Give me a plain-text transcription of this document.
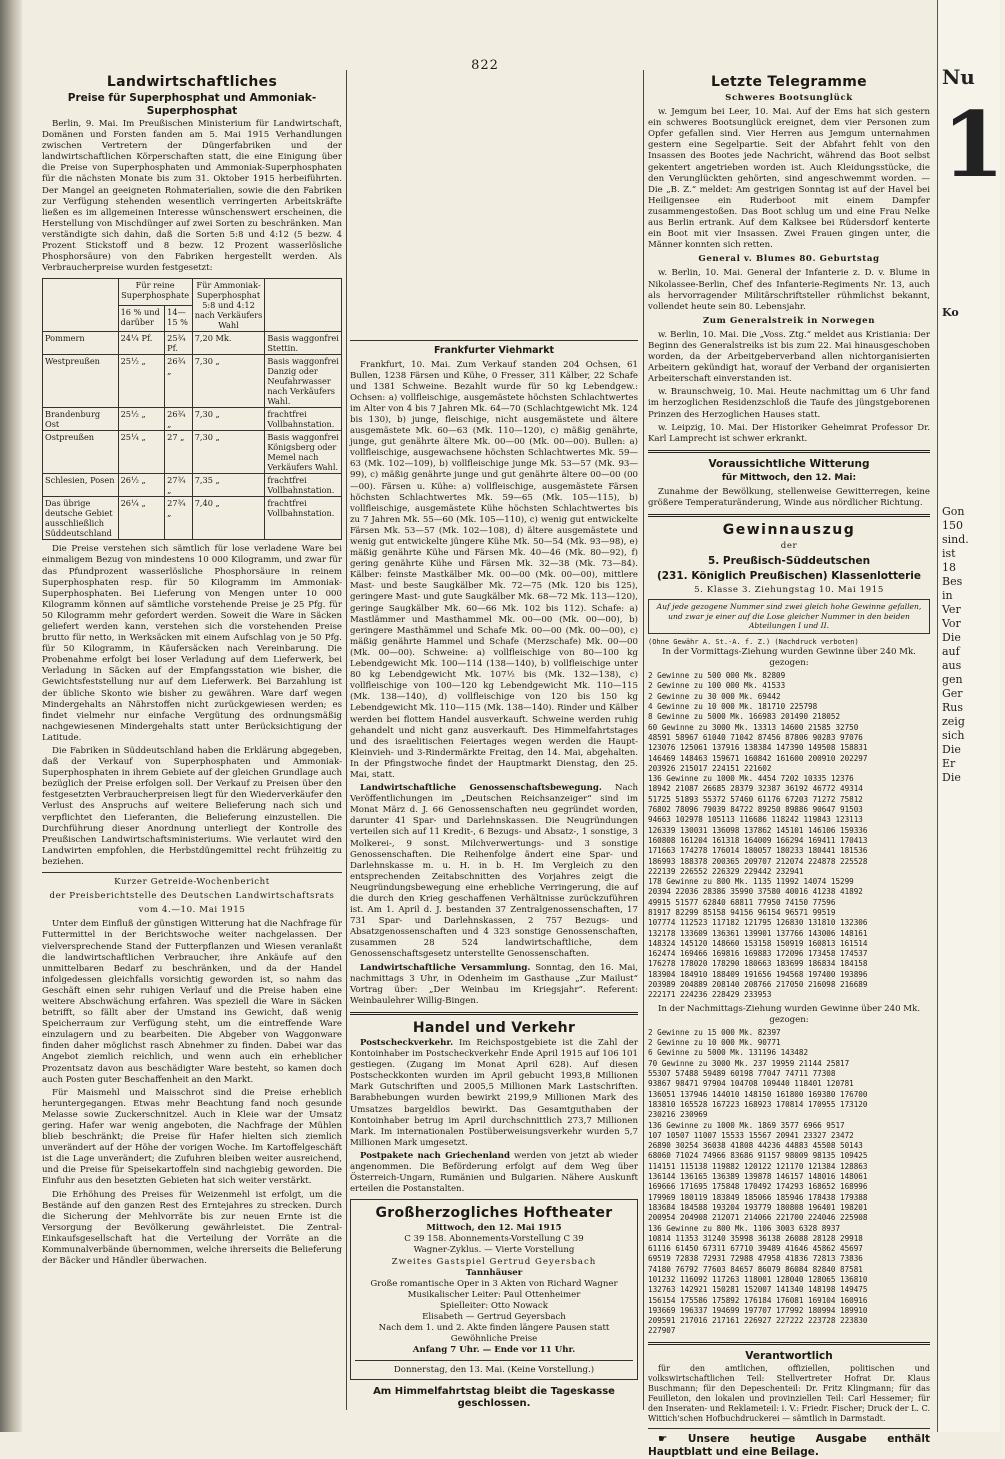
Nu
1
Ko
Gon
150
sind.
ist
18
Bes
in
Ver
Vor
Die
auf
aus
gen
Ger
Rus
zeig
sich
Die
Er
Die
822
Landwirtschaftliches
Preise für Superphosphat und Ammoniak-Superphosphat

Berlin, 9. Mai. Im Preußischen Ministerium für Landwirtschaft, Domänen und Forsten fanden am 5. Mai 1915 Verhandlungen zwischen Vertretern der Düngerfabriken und der landwirtschaftlichen Körperschaften statt, die eine Einigung über die Preise von Superphosphaten und Ammoniak-Superphosphaten für die nächsten Monate bis zum 31. Oktober 1915 herbeiführten. Der Mangel an geeigneten Rohmaterialien, sowie die den Fabriken zur Verfügung stehenden wesentlich verringerten Arbeitskräfte ließen es im allgemeinen Interesse wünschenswert erscheinen, die Herstellung von Mischdünger auf zwei Sorten zu beschränken. Man verständigte sich dahin, daß die Sorten 5:8 und 4:12 (5 bezw. 4 Prozent Stickstoff und 8 bezw. 12 Prozent wasserlösliche Phosphorsäure) von den Fabriken hergestellt werden. Als Verbraucherpreise wurden festgesetzt:

	Für reine Superphosphate		Für Ammoniak-Superphosphat 5:8 und 4:12 nach Verkäufers Wahl	
	16 % und darüber	14—15 %		
Pommern	24¼ Pf.	25¾ Pf.	7,20 Mk.	Basis waggonfrei Stettin.
Westpreußen	25½ „	26¾ „	7,30 „	Basis waggonfrei Danzig oder Neufahrwasser nach Verkäufers Wahl.
Brandenburg Ost	25½ „	26¾ „	7,30 „	frachtfrei Vollbahnstation.
Ostpreußen	25¼ „	27 „	7,30 „	Basis waggonfrei Königsberg oder Memel nach Verkäufers Wahl.
Schlesien, Posen	26½ „	27¾ „	7,35 „	frachtfrei Vollbahnstation.
Das übrige deutsche Gebiet ausschließlich Süddeutschland	26¼ „	27¾ „	7,40 „	frachtfrei Vollbahnstation.

Die Preise verstehen sich sämtlich für lose verladene Ware bei einmaligem Bezug von mindestens 10 000 Kilogramm, und zwar für das Pfundprozent wasserlösliche Phosphorsäure in reinem Superphosphaten resp. für 50 Kilogramm im Ammoniak-Superphosphaten. Bei Lieferung von Mengen unter 10 000 Kilogramm können auf sämtliche vorstehende Preise je 25 Pfg. für 50 Kilogramm mehr gefordert werden. Soweit die Ware in Säcken geliefert werden kann, verstehen sich die vorstehenden Preise brutto für netto, in Werksäcken mit einem Aufschlag von je 50 Pfg. für 50 Kilogramm, in Käufersäcken nach Vereinbarung. Die Probenahme erfolgt bei loser Verladung auf dem Lieferwerk, bei Verladung in Säcken auf der Empfangsstation wie bisher, die Gewichtsfeststellung nur auf dem Lieferwerk. Bei Barzahlung ist der übliche Skonto wie bisher zu gewähren. Ware darf wegen Mindergehalts an Nährstoffen nicht zurückgewiesen werden; es findet vielmehr nur einfache Vergütung des ordnungsmäßig nachgewiesenen Mindergehalts statt unter Berücksichtigung der Latitude.

Die Fabriken in Süddeutschland haben die Erklärung abgegeben, daß der Verkauf von Superphosphaten und Ammoniak-Superphosphaten in ihrem Gebiete auf der gleichen Grundlage auch bezüglich der Preise erfolgen soll. Der Verkauf zu Preisen über den festgesetzten Verbraucherpreisen liegt für den Wiederverkäufer den Verlust des Anspruchs auf weitere Belieferung nach sich und verpflichtet den Lieferanten, die Belieferung einzustellen. Die Durchführung dieser Anordnung unterliegt der Kontrolle des Preußischen Landwirtschaftsministeriums. Wie verlautet wird den Landwirten empfohlen, die Herbstdüngemittel recht frühzeitig zu beziehen.

Kurzer Getreide-Wochenbericht
der Preisberichtstelle des Deutschen Landwirtschaftsrats
vom 4.—10. Mai 1915

Unter dem Einfluß der günstigen Witterung hat die Nachfrage für Futtermittel in der Berichtswoche weiter nachgelassen. Der vielversprechende Stand der Futterpflanzen und Wiesen veranlaßt die landwirtschaftlichen Verbraucher, ihre Ankäufe auf den unmittelbaren Bedarf zu beschränken, und da der Handel infolgedessen gleichfalls vorsichtig geworden ist, so nahm das Geschäft einen sehr ruhigen Verlauf und die Preise haben eine weitere Abschwächung erfahren. Was speziell die Ware in Säcken betrifft, so fällt aber der Umstand ins Gewicht, daß wenig Speicherraum zur Verfügung steht, um die eintreffende Ware einzulagern und zu bearbeiten. Die Abgeber von Waggonware finden daher möglichst rasch Abnehmer zu finden. Dabei war das Angebot ziemlich reichlich, und wenn auch ein erheblicher Prozentsatz davon aus beschädigter Ware besteht, so kamen doch auch Posten guter Beschaffenheit an den Markt.

Für Maismehl und Maisschrot sind die Preise erheblich heruntergegangen. Etwas mehr Beachtung fand noch gesunde Melasse sowie Zuckerschnitzel. Auch in Kleie war der Umsatz gering. Hafer war wenig angeboten, die Nachfrage der Mühlen blieb beschränkt; die Preise für Hafer hielten sich ziemlich unverändert auf der Höhe der vorigen Woche. Im Kartoffelgeschäft ist die Lage unverändert; die Zufuhren bleiben weiter ausreichend, und die Preise für Speisekartoffeln sind nachgiebig geworden. Die Einfuhr aus den besetzten Gebieten hat sich weiter verstärkt.

Die Erhöhung des Preises für Weizenmehl ist erfolgt, um die Bestände auf den ganzen Rest des Erntejahres zu strecken. Durch die Sicherung der Mehlvorräte bis zur neuen Ernte ist die Versorgung der Bevölkerung gewährleistet. Die Zentral-Einkaufsgesellschaft hat die Verteilung der Vorräte an die Kommunalverbände übernommen, welche ihrerseits die Belieferung der Bäcker und Händler überwachen.

Frankfurter Viehmarkt

Frankfurt, 10. Mai. Zum Verkauf standen 204 Ochsen, 61 Bullen, 1238 Färsen und Kühe, 0 Fresser, 311 Kälber, 22 Schafe und 1381 Schweine. Bezahlt wurde für 50 kg Lebendgew.: Ochsen: a) vollfleischige, ausgemästete höchsten Schlachtwertes im Alter von 4 bis 7 Jahren Mk. 64—70 (Schlachtgewicht Mk. 124 bis 130), b) junge, fleischige, nicht ausgemästete und ältere ausgemästete Mk. 60—63 (Mk. 110—120), c) mäßig genährte, junge, gut genährte ältere Mk. 00—00 (Mk. 00—00). Bullen: a) vollfleischige, ausgewachsene höchsten Schlachtwertes Mk. 59—63 (Mk. 102—109), b) vollfleischige junge Mk. 53—57 (Mk. 93—99), c) mäßig genährte junge und gut genährte ältere 00—00 (00—00). Färsen u. Kühe: a) vollfleischige, ausgemästete Färsen höchsten Schlachtwertes Mk. 59—65 (Mk. 105—115), b) vollfleischige, ausgemästete Kühe höchsten Schlachtwertes bis zu 7 Jahren Mk. 55—60 (Mk. 105—110), c) wenig gut entwickelte Färsen Mk. 53—57 (Mk. 102—108), d) ältere ausgemästete und wenig gut entwickelte jüngere Kühe Mk. 50—54 (Mk. 93—98), e) mäßig genährte Kühe und Färsen Mk. 40—46 (Mk. 80—92), f) gering genährte Kühe und Färsen Mk. 32—38 (Mk. 73—84). Kälber: feinste Mastkälber Mk. 00—00 (Mk. 00—00), mittlere Mast- und beste Saugkälber Mk. 72—75 (Mk. 120 bis 125), geringere Mast- und gute Saugkälber Mk. 68—72 Mk. 113—120), geringe Saugkälber Mk. 60—66 Mk. 102 bis 112). Schafe: a) Mastlämmer und Masthammel Mk. 00—00 (Mk. 00—00), b) geringere Masthämmel und Schafe Mk. 00—00 (Mk. 00—00), c) mäßig genährte Hammel und Schafe (Merzschafe) Mk. 00—00 (Mk. 00—00). Schweine: a) vollfleischige von 80—100 kg Lebendgewicht Mk. 100—114 (138—140), b) vollfleischige unter 80 kg Lebendgewicht Mk. 107½ bis (Mk. 132—138), c) vollfleischige von 100—120 kg Lebendgewicht Mk. 110—115 (Mk. 138—140), d) vollfleischige von 120 bis 150 kg Lebendgewicht Mk. 110—115 (Mk. 138—140). Rinder und Kälber werden bei flottem Handel ausverkauft. Schweine werden ruhig gehandelt und nicht ganz ausverkauft. Des Himmelfahrtstages und des israelitischen Feiertages wegen werden die Haupt-Kleinvieh- und 3-Rindermärkte Freitag, den 14. Mai, abgehalten. In der Pfingstwoche findet der Hauptmarkt Dienstag, den 25. Mai, statt.

Landwirtschaftliche Genossenschaftsbewegung. Nach Veröffentlichungen im „Deutschen Reichsanzeiger“ sind im Monat März d. J. 66 Genossenschaften neu gegründet worden, darunter 41 Spar- und Darlehnskassen. Die Neugründungen verteilen sich auf 11 Kredit-, 6 Bezugs- und Absatz-, 1 sonstige, 3 Molkerei-, 9 sonst. Milchverwertungs- und 3 sonstige Genossenschaften. Die Reihenfolge ändert eine Spar- und Darlehnskasse m. u. H. in b. H. Im Vergleich zu den entsprechenden Zeitabschnitten des Vorjahres zeigt die Neugründungsbewegung eine erhebliche Verringerung, die auf die durch den Krieg geschaffenen Verhältnisse zurückzuführen ist. Am 1. April d. J. bestanden 37 Zentralgenossenschaften, 17 731 Spar- und Darlehnskassen, 2 757 Bezugs- und Absatzgenossenschaften und 4 323 sonstige Genossenschaften, zusammen 28 524 landwirtschaftliche, dem Genossenschaftsgesetz unterstellte Genossenschaften.

Landwirtschaftliche Versammlung. Sonntag, den 16. Mai, nachmittags 3 Uhr, in Odenheim im Gasthause „Zur Mailust“ Vortrag über: „Der Weinbau im Kriegsjahr“. Referent: Weinbaulehrer Willig-Bingen.

Handel und Verkehr

Postscheckverkehr. Im Reichspostgebiete ist die Zahl der Kontoinhaber im Postscheckverkehr Ende April 1915 auf 106 101 gestiegen. (Zugang im Monat April 628). Auf diesen Postscheckkonten wurden im April gebucht 1993,8 Millionen Mark Gutschriften und 2005,5 Millionen Mark Lastschriften. Barabhebungen wurden bewirkt 2199,9 Millionen Mark des Umsatzes bargeldlos bewirkt. Das Gesamtguthaben der Kontoinhaber betrug im April durchschnittlich 273,7 Millionen Mark. Im internationalen Postüberweisungsverkehr wurden 5,7 Millionen Mark umgesetzt.

Postpakete nach Griechenland werden von jetzt ab wieder angenommen. Die Beförderung erfolgt auf dem Weg über Österreich-Ungarn, Rumänien und Bulgarien. Nähere Auskunft erteilen die Postanstalten.

Großherzogliches Hoftheater

Mittwoch, den 12. Mai 1915

C 39 158. Abonnements-Vorstellung C 39

Wagner-Zyklus. — Vierte Vorstellung

Zweites Gastspiel Gertrud Geyersbach

Tannhäuser

Große romantische Oper in 3 Akten von Richard Wagner

Musikalischer Leiter: Paul Ottenheimer

Spielleiter: Otto Nowack

Elisabeth — Gertrud Geyersbach

Nach dem 1. und 2. Akte finden längere Pausen statt

Gewöhnliche Preise

Anfang 7 Uhr. — Ende vor 11 Uhr.

Donnerstag, den 13. Mai. (Keine Vorstellung.)

Am Himmelfahrtstag bleibt die Tageskasse geschlossen.
Letzte Telegramme
Schweres Bootsunglück

w. Jemgum bei Leer, 10. Mai. Auf der Ems hat sich gestern ein schweres Bootsunglück ereignet, dem vier Personen zum Opfer gefallen sind. Vier Herren aus Jemgum unternahmen gestern eine Segelpartie. Seit der Abfahrt fehlt von den Insassen des Bootes jede Nachricht, während das Boot selbst gekentert angetrieben worden ist. Auch Kleidungsstücke, die den Verunglückten gehörten, sind angeschwemmt worden. — Die „B. Z.“ meldet: Am gestrigen Sonntag ist auf der Havel bei Heiligensee ein Ruderboot mit einem Dampfer zusammengestoßen. Das Boot schlug um und eine Frau Nelke aus Berlin ertrank. Auf dem Kalksee bei Rüdersdorf kenterte ein Boot mit vier Insassen. Zwei Frauen gingen unter, die Männer konnten sich retten.

General v. Blumes 80. Geburtstag

w. Berlin, 10. Mai. General der Infanterie z. D. v. Blume in Nikolassee-Berlin, Chef des Infanterie-Regiments Nr. 13, auch als hervorragender Militärschriftsteller rühmlichst bekannt, vollendet heute sein 80. Lebensjahr.

Zum Generalstreik in Norwegen

w. Berlin, 10. Mai. Die „Voss. Ztg.“ meldet aus Kristiania: Der Beginn des Generalstreiks ist bis zum 22. Mai hinausgeschoben worden, da der Arbeitgeberverband allen nichtorganisierten Arbeitern gekündigt hat, worauf der Verband der organisierten Arbeiterschaft einverstanden ist.

w. Braunschweig, 10. Mai. Heute nachmittag um 6 Uhr fand im herzoglichen Residenzschloß die Taufe des jüngstgeborenen Prinzen des Herzoglichen Hauses statt.

w. Leipzig, 10. Mai. Der Historiker Geheimrat Professor Dr. Karl Lamprecht ist schwer erkrankt.

Voraussichtliche Witterung
für Mittwoch, den 12. Mai:

Zunahme der Bewölkung, stellenweise Gewitterregen, keine größere Temperaturänderung, Winde aus nördlicher Richtung.

Gewinnauszug
der
5. Preußisch-Süddeutschen
(231. Königlich Preußischen) Klassenlotterie
5. Klasse 3. Ziehungstag 10. Mai 1915
Auf jede gezogene Nummer sind zwei gleich hohe Gewinne gefallen, und zwar je einer auf die Lose gleicher Nummer in den beiden Abteilungen I und II.
(Ohne Gewähr A. St.-A. f. Z.) (Nachdruck verboten)

In der Vormittags-Ziehung wurden Gewinne über 240 Mk. gezogen:

2 Gewinne zu 500 000 Mk. 82809
2 Gewinne zu 100 000 Mk. 41533
2 Gewinne zu 30 000 Mk. 69442
4 Gewinne zu 10 000 Mk. 181710 225798
8 Gewinne zu 5000 Mk. 166983 201490 218052
60 Gewinne zu 3000 Mk. 13313 14600 21585 32750
48591 58967 61040 71042 87456 87806 90283 97076
123076 125061 137916 138384 147390 149508 158831
146469 148463 159671 160842 161600 200910 202297
203926 215017 224151 221602
136 Gewinne zu 1000 Mk. 4454 7202 10335 12376
18942 21087 26685 28379 32387 36192 46772 49314
51725 51893 55372 57460 61176 67203 71272 75812
76802 78096 79039 84722 89250 89886 90647 91503
94663 102978 105113 116686 118242 119843 123113
126339 130031 136098 137862 145101 146106 159336
160808 161204 161318 164009 166294 169411 170413
171663 174278 176014 180057 180233 180441 181536
186993 188378 200365 209707 212074 224878 225528
222139 226552 226329 229442 232941
178 Gewinne zu 800 Mk. 1135 11992 14074 15299
20394 22036 28386 35990 37580 40016 41238 41892
49915 51577 62840 68811 77950 74150 77596
81917 82299 85158 94156 96154 96571 99519
107774 112523 117182 121795 126830 131810 132306
132178 133609 136361 139901 137766 143006 148161
148324 145120 148660 153158 150919 160813 161514
162474 169466 169816 169883 172096 173458 174537
176278 178020 178290 180663 183699 186834 184158
183904 184910 188409 191656 194568 197400 193896
203989 204889 208140 208766 217050 216098 216689
222171 224236 228429 233953

In der Nachmittags-Ziehung wurden Gewinne über 240 Mk. gezogen:

2 Gewinne zu 15 000 Mk. 82397
2 Gewinne zu 10 000 Mk. 90771
6 Gewinne zu 5000 Mk. 131196 143482
70 Gewinne zu 3000 Mk. 237 19959 21144 25817
55307 57488 59489 60198 77047 74711 77308
93867 98471 97904 104708 109440 118401 120781
136051 137946 144010 148150 161800 169380 176700
183810 165528 167223 168923 170814 170955 173120
230216 230969
136 Gewinne zu 1000 Mk. 1869 3577 6966 9517
107 10507 11007 15533 15567 20941 23327 23472
26890 30254 36038 41808 44236 44883 45508 50143
68060 71024 74966 83686 91157 98009 98135 109425
114151 115138 119882 120122 121170 121384 128863
136144 136165 136389 139878 146157 148016 148061
169666 171695 175848 170492 174293 168652 168996
179969 180119 183849 185066 185946 178438 179388
183684 184588 193204 193779 180808 196401 198201
200954 204908 212071 214066 221700 224046 225908
136 Gewinne zu 800 Mk. 1106 3003 6328 8937
10814 11353 31240 35998 36138 26088 28128 29918
61116 61450 67311 67710 39489 41646 45862 45697
69519 72838 72931 72988 47958 41836 72813 73836
74180 76792 77603 84657 86079 86084 82840 87581
101232 116092 117263 118001 128040 128065 136810
132763 142921 150281 152007 141340 148198 149475
156154 175586 175892 176184 176081 169104 160916
193669 196337 194699 197707 177992 180994 189910
209591 217016 217161 226927 227222 223728 223830
227907
Verantwortlich

für den amtlichen, offiziellen, politischen und volkswirtschaftlichen Teil: Stellvertreter Hofrat Dr. Klaus Buschmann; für den Depeschenteil: Dr. Fritz Klingmann; für das Feuilleton, den lokalen und provinziellen Teil: Carl Hessemer; für den Inseraten- und Reklameteil: i. V.: Friedr. Fischer; Druck der L. C. Wittich'schen Hofbuchdruckerei — sämtlich in Darmstadt.

☛ Unsere heutige Ausgabe enthält Hauptblatt und eine Beilage.
